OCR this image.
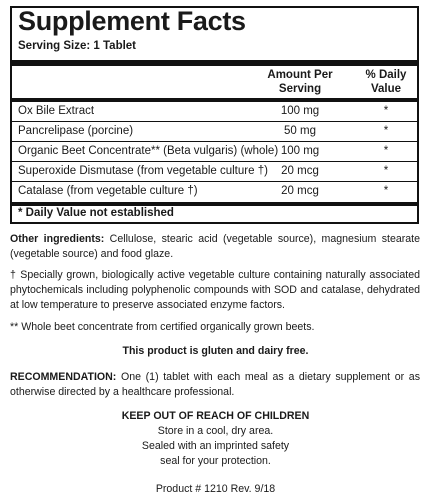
Supplement Facts
Serving Size: 1 Tablet
Amount Per
Serving
% Daily
Value
Ox Bile Extract	100 mg	*
Pancrelipase (porcine)	50 mg	*
Organic Beet Concentrate** (Beta vulgaris) (whole) 100 mg	*
Superoxide Dismutase (from vegetable culture †)	20 mcg	*
Catalase (from vegetable culture †)	20 mcg	*
* Daily Value not established
Other ingredients: Cellulose, stearic acid (vegetable source), magnesium stearate (vegetable source) and food glaze.
† Specially grown, biologically active vegetable culture containing naturally associated phytochemicals including polyphenolic compounds with SOD and catalase, dehydrated at low temperature to preserve associated enzyme factors.
** Whole beet concentrate from certified organically grown beets.
This product is gluten and dairy free.
RECOMMENDATION: One (1) tablet with each meal as a dietary supplement or as otherwise directed by a healthcare professional.
KEEP OUT OF REACH OF CHILDREN
Store in a cool, dry area.
Sealed with an imprinted safety
seal for your protection.
Product # 1210 Rev. 9/18
